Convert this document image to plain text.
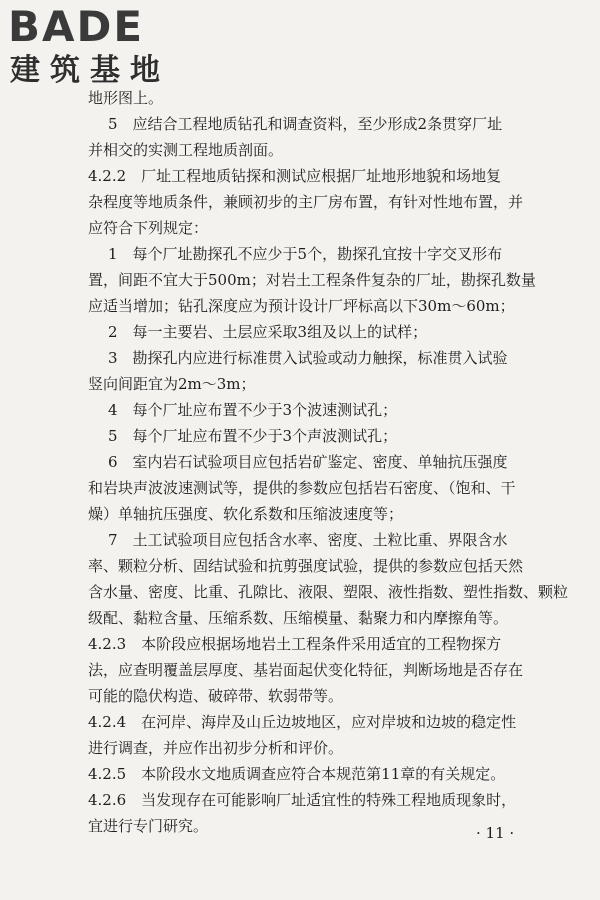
BADE
建筑基地
地形图上。
5　应结合工程地质钻孔和调查资料，至少形成2条贯穿厂址
并相交的实测工程地质剖面。
4.2.2　厂址工程地质钻探和测试应根据厂址地形地貌和场地复
杂程度等地质条件，兼顾初步的主厂房布置，有针对性地布置，并
应符合下列规定：
1　每个厂址勘探孔不应少于5个，勘探孔宜按十字交叉形布
置，间距不宜大于500m；对岩土工程条件复杂的厂址，勘探孔数量
应适当增加；钻孔深度应为预计设计厂坪标高以下30m～60m；
2　每一主要岩、土层应采取3组及以上的试样；
3　勘探孔内应进行标准贯入试验或动力触探，标准贯入试验
竖向间距宜为2m～3m；
4　每个厂址应布置不少于3个波速测试孔；
5　每个厂址应布置不少于3个声波测试孔；
6　室内岩石试验项目应包括岩矿鉴定、密度、单轴抗压强度
和岩块声波波速测试等，提供的参数应包括岩石密度、（饱和、干
燥）单轴抗压强度、软化系数和压缩波速度等；
7　土工试验项目应包括含水率、密度、土粒比重、界限含水
率、颗粒分析、固结试验和抗剪强度试验，提供的参数应包括天然
含水量、密度、比重、孔隙比、液限、塑限、液性指数、塑性指数、颗粒
级配、黏粒含量、压缩系数、压缩模量、黏聚力和内摩擦角等。
4.2.3　本阶段应根据场地岩土工程条件采用适宜的工程物探方
法，应查明覆盖层厚度、基岩面起伏变化特征，判断场地是否存在
可能的隐伏构造、破碎带、软弱带等。
4.2.4　在河岸、海岸及山丘边坡地区，应对岸坡和边坡的稳定性
进行调查，并应作出初步分析和评价。
4.2.5　本阶段水文地质调查应符合本规范第11章的有关规定。
4.2.6　当发现存在可能影响厂址适宜性的特殊工程地质现象时，
宜进行专门研究。	· 11 ·
